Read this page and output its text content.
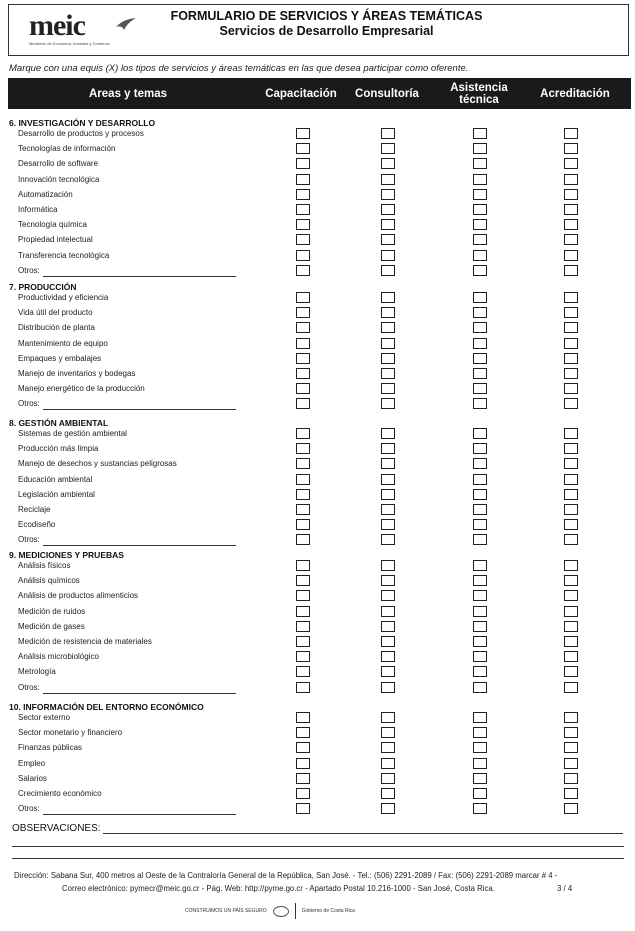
meic
Ministerio de Economía, Industria y Comercio
FORMULARIO DE SERVICIOS Y ÁREAS TEMÁTICAS
Servicios de Desarrollo Empresarial
Marque con una equis (X) los tipos de servicios y áreas temáticas en las que desea participar como oferente.
Areas y temas	Capacitación	Consultoría	Asistencia
técnica	Acreditación
6. INVESTIGACIÓN Y DESARROLLO
Desarrollo de productos y procesos
Tecnologías de información
Desarrollo de software
Innovación tecnológica
Automatización
Informática
Tecnología química
Propiedad intelectual
Transferencia tecnológica
Otros:
7. PRODUCCIÓN
Productividad y eficiencia
Vida útil del producto
Distribución de planta
Mantenimiento de equipo
Empaques y embalajes
Manejo de inventarios y bodegas
Manejo energético de la producción
Otros:
8. GESTIÓN AMBIENTAL
Sistemas de gestión ambiental
Producción más limpia
Manejo de desechos y sustancias peligrosas
Educación ambiental
Legislación ambiental
Reciclaje
Ecodiseño
Otros:
9. MEDICIONES Y PRUEBAS
Análisis físicos
Análisis químicos
Análisis de productos alimenticios
Medición de ruidos
Medición de gases
Medición de resistencia de materiales
Análisis microbiológico
Metrología
Otros:
10. INFORMACIÓN DEL ENTORNO ECONÓMICO
Sector externo
Sector monetario y financiero
Finanzas públicas
Empleo
Salarios
Crecimiento económico
Otros:
OBSERVACIONES:
Dirección: Sabana Sur, 400 metros al Oeste de la Contraloría General de la República, San José. - Tel.: (506) 2291-2089 / Fax: (506) 2291-2089 marcar # 4 -
Correo electrónico: pymecr@meic.go.cr - Pág. Web: http://pyme.go.cr - Apartado Postal 10.216-1000 - San José, Costa Rica.	3 / 4
CONSTRUIMOS UN PAÍS SEGURO	Gobierno de Costa Rica
